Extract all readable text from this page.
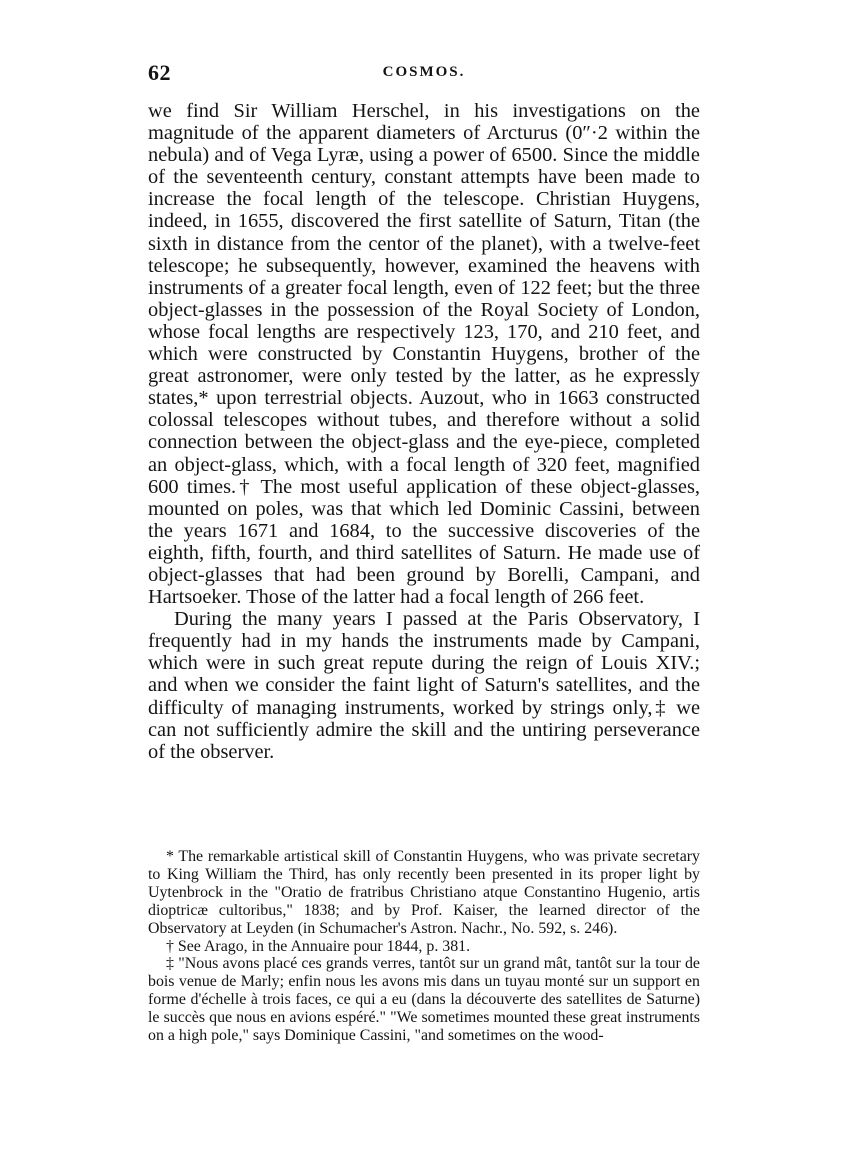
62	COSMOS.

we find Sir William Herschel, in his investigations on the magnitude of the apparent diameters of Arcturus (0″·2 within the nebula) and of Vega Lyræ, using a power of 6500. Since the middle of the seventeenth century, constant attempts have been made to increase the focal length of the telescope. Christian Huygens, indeed, in 1655, discovered the first satellite of Saturn, Titan (the sixth in distance from the centor of the planet), with a twelve-feet telescope; he subsequently, however, examined the heavens with instruments of a greater focal length, even of 122 feet; but the three object-glasses in the possession of the Royal Society of London, whose focal lengths are respectively 123, 170, and 210 feet, and which were constructed by Constantin Huygens, brother of the great astronomer, were only tested by the latter, as he expressly states,* upon terrestrial objects. Auzout, who in 1663 constructed colossal telescopes without tubes, and therefore without a solid connection between the object-glass and the eye-piece, completed an object-glass, which, with a focal length of 320 feet, magnified 600 times.† The most useful application of these object-glasses, mounted on poles, was that which led Dominic Cassini, between the years 1671 and 1684, to the successive discoveries of the eighth, fifth, fourth, and third satellites of Saturn. He made use of object-glasses that had been ground by Borelli, Campani, and Hartsoeker. Those of the latter had a focal length of 266 feet.

During the many years I passed at the Paris Observatory, I frequently had in my hands the instruments made by Campani, which were in such great repute during the reign of Louis XIV.; and when we consider the faint light of Saturn's satellites, and the difficulty of managing instruments, worked by strings only,‡ we can not sufficiently admire the skill and the untiring perseverance of the observer.

* The remarkable artistical skill of Constantin Huygens, who was private secretary to King William the Third, has only recently been presented in its proper light by Uytenbrock in the "Oratio de fratribus Christiano atque Constantino Hugenio, artis dioptricæ cultoribus," 1838; and by Prof. Kaiser, the learned director of the Observatory at Leyden (in Schumacher's Astron. Nachr., No. 592, s. 246).

† See Arago, in the Annuaire pour 1844, p. 381.

‡ "Nous avons placé ces grands verres, tantôt sur un grand mât, tantôt sur la tour de bois venue de Marly; enfin nous les avons mis dans un tuyau monté sur un support en forme d'échelle à trois faces, ce qui a eu (dans la découverte des satellites de Saturne) le succès que nous en avions espéré." "We sometimes mounted these great instruments on a high pole," says Dominique Cassini, "and sometimes on the wood-
